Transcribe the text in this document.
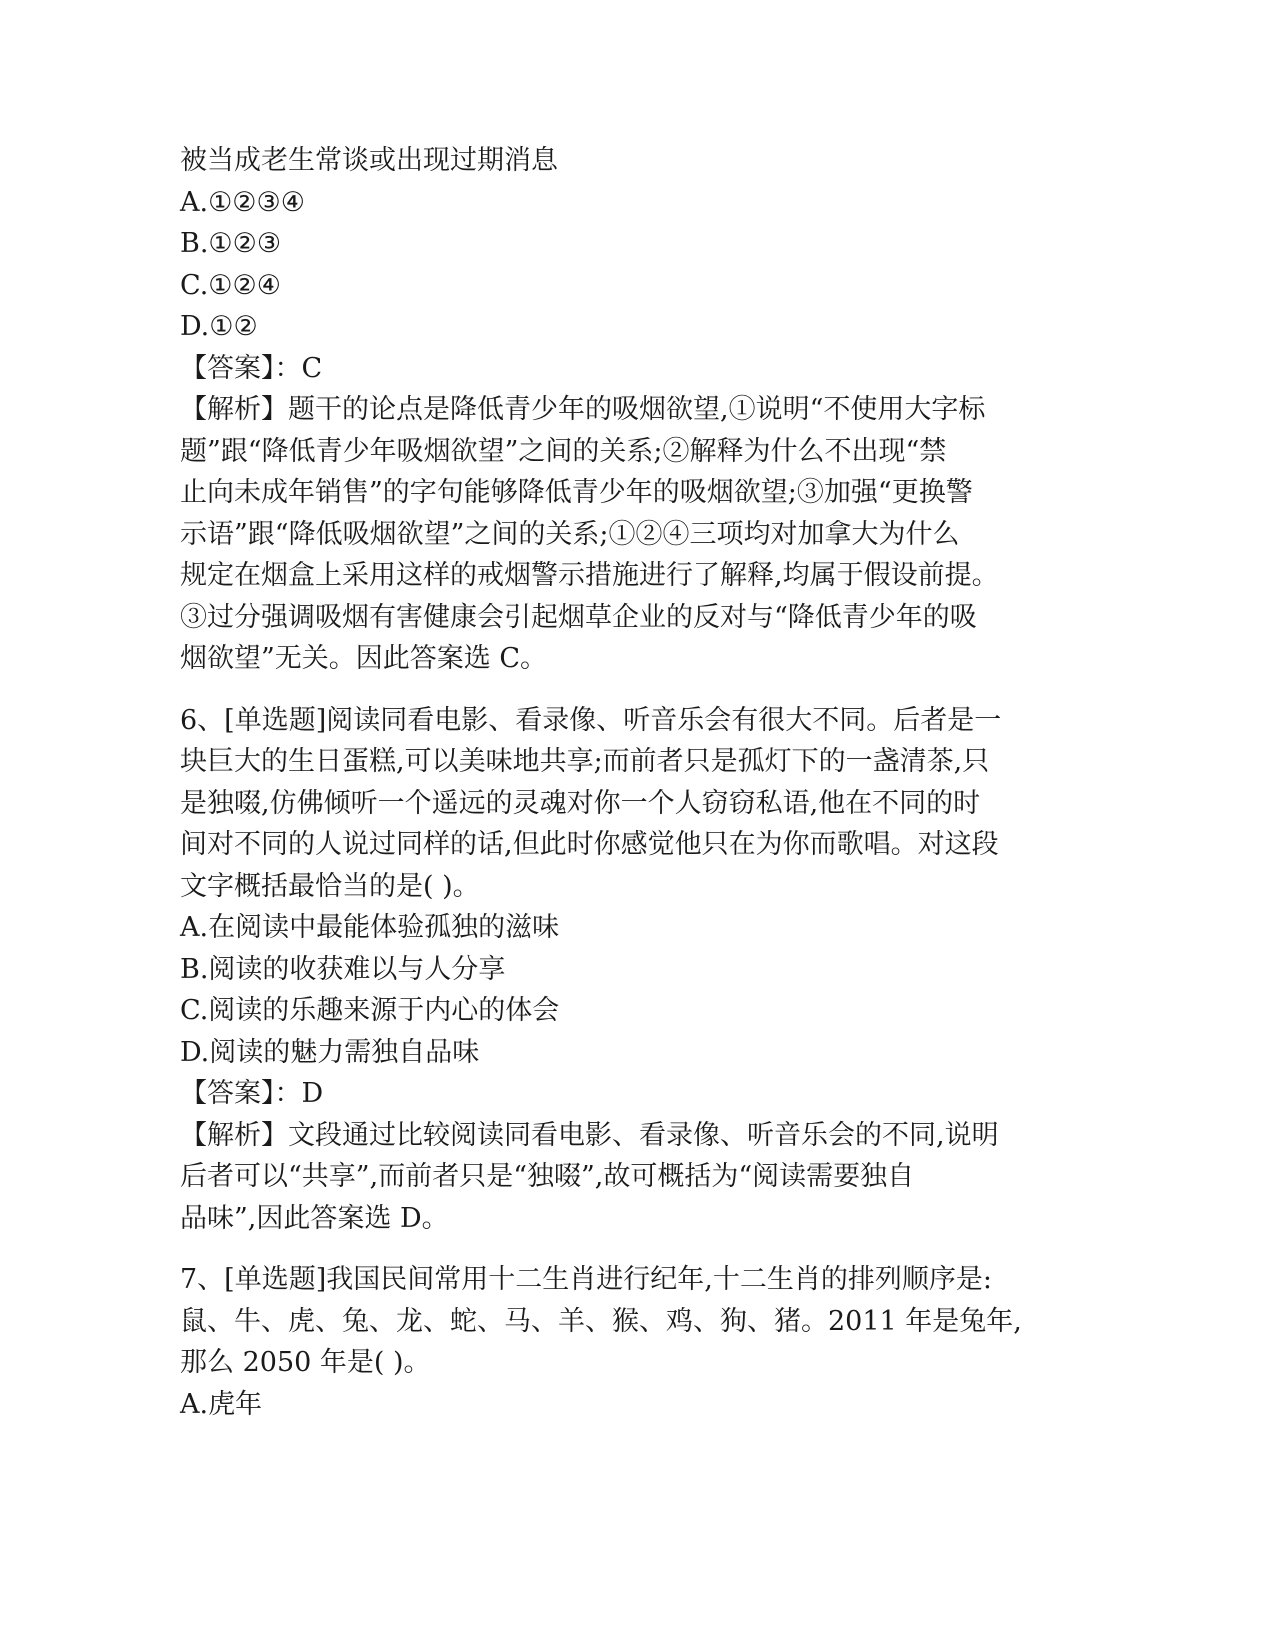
被当成老生常谈或出现过期消息
A.①②③④
B.①②③
C.①②④
D.①②
【答案】：C
【解析】题干的论点是降低青少年的吸烟欲望,①说明“不使用大字标
题”跟“降低青少年吸烟欲望”之间的关系;②解释为什么不出现“禁
止向未成年销售”的字句能够降低青少年的吸烟欲望;③加强“更换警
示语”跟“降低吸烟欲望”之间的关系;①②④三项均对加拿大为什么
规定在烟盒上采用这样的戒烟警示措施进行了解释,均属于假设前提。
③过分强调吸烟有害健康会引起烟草企业的反对与“降低青少年的吸
烟欲望”无关。因此答案选 C。
6、[单选题]阅读同看电影、看录像、听音乐会有很大不同。后者是一
块巨大的生日蛋糕,可以美味地共享;而前者只是孤灯下的一盏清茶,只
是独啜,仿佛倾听一个遥远的灵魂对你一个人窃窃私语,他在不同的时
间对不同的人说过同样的话,但此时你感觉他只在为你而歌唱。对这段
文字概括最恰当的是( )。
A.在阅读中最能体验孤独的滋味
B.阅读的收获难以与人分享
C.阅读的乐趣来源于内心的体会
D.阅读的魅力需独自品味
【答案】：D
【解析】文段通过比较阅读同看电影、看录像、听音乐会的不同,说明
后者可以“共享”,而前者只是“独啜”,故可概括为“阅读需要独自
品味”,因此答案选 D。
7、[单选题]我国民间常用十二生肖进行纪年,十二生肖的排列顺序是:
鼠、牛、虎、兔、龙、蛇、马、羊、猴、鸡、狗、猪。2011 年是兔年,
那么 2050 年是( )。
A.虎年
